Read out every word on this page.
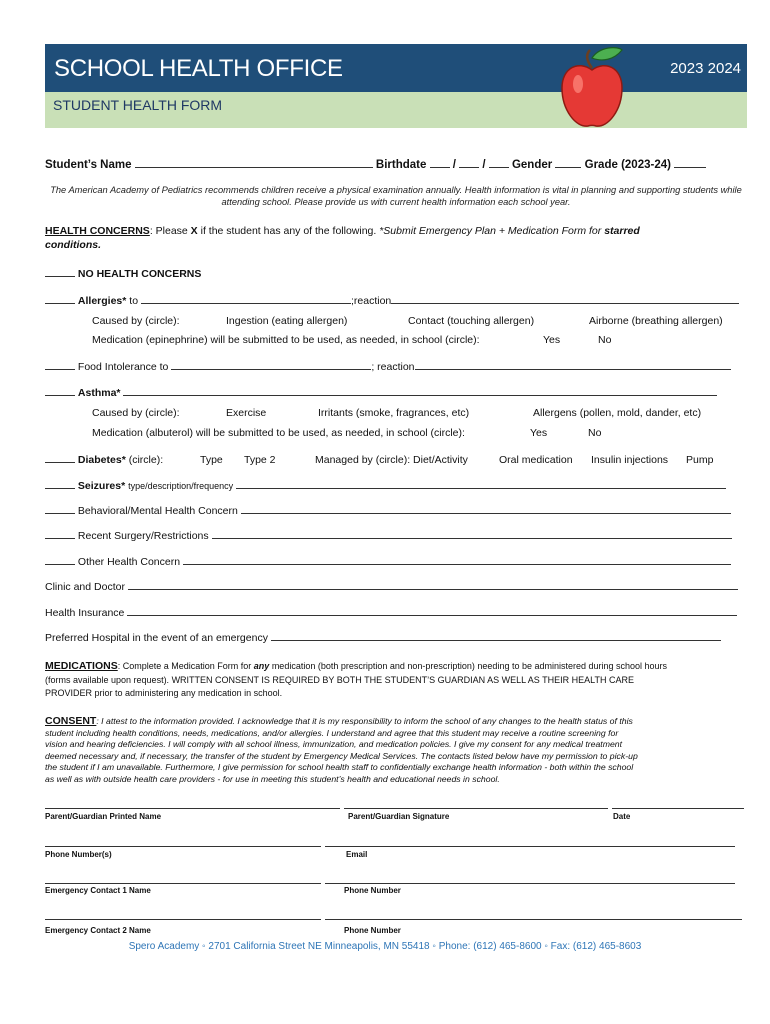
SCHOOL HEALTH OFFICE	2023 2024
STUDENT HEALTH FORM
Student’s Name	Birthdate  /  /  Gender	Grade (2023-24)
The American Academy of Pediatrics recommends children receive a physical examination annually. Health information is vital in planning and supporting students while attending school. Please provide us with current health information each school year.
HEALTH CONCERNS: Please X if the student has any of the following. *Submit Emergency Plan + Medication Form for starred
conditions.
NO HEALTH CONCERNS
Allergies* to	;reaction
Caused by (circle):	Ingestion (eating allergen)	Contact (touching allergen)	Airborne (breathing allergen)
Medication (epinephrine) will be submitted to be used, as needed, in school (circle):	Yes	No
Food Intolerance to	; reaction
Asthma*
Caused by (circle):	Exercise	Irritants (smoke, fragrances, etc)	Allergens (pollen, mold, dander, etc)
Medication (albuterol) will be submitted to be used, as needed, in school (circle):	Yes	No
Diabetes* (circle):	Type Type 2	Managed by (circle): Diet/Activity	Oral medication Insulin injections Pump
Seizures* type/description/frequency
Behavioral/Mental Health Concern
Recent Surgery/Restrictions
Other Health Concern
Clinic and Doctor
Health Insurance
Preferred Hospital in the event of an emergency
MEDICATIONS: Complete a Medication Form for any medication (both prescription and non-prescription) needing to be administered during school hours
(forms available upon request). WRITTEN CONSENT IS REQUIRED BY BOTH THE STUDENT’S GUARDIAN AS WELL AS THEIR HEALTH CARE
PROVIDER prior to administering any medication in school.
CONSENT: I attest to the information provided. I acknowledge that it is my responsibility to inform the school of any changes to the health status of this
student including health conditions, needs, medications, and/or allergies. I understand and agree that this student may receive a routine screening for
vision and hearing deficiencies. I will comply with all school illness, immunization, and medication policies. I give my consent for any medical treatment
deemed necessary and, if necessary, the transfer of the student by Emergency Medical Services. The contacts listed below have my permission to pick-up
the student if I am unavailable. Furthermore, I give permission for school health staff to confidentially exchange health information - both within the school
as well as with outside health care providers - for use in meeting this student’s health and educational needs in school.
Parent/Guardian Printed Name	Parent/Guardian Signature	Date
Phone Number(s)	Email
Emergency Contact 1 Name	Phone Number
Emergency Contact 2 Name	Phone Number
Spero Academy ◦ 2701 California Street NE Minneapolis, MN 55418 ◦ Phone: (612) 465-8600 ◦ Fax: (612) 465-8603
